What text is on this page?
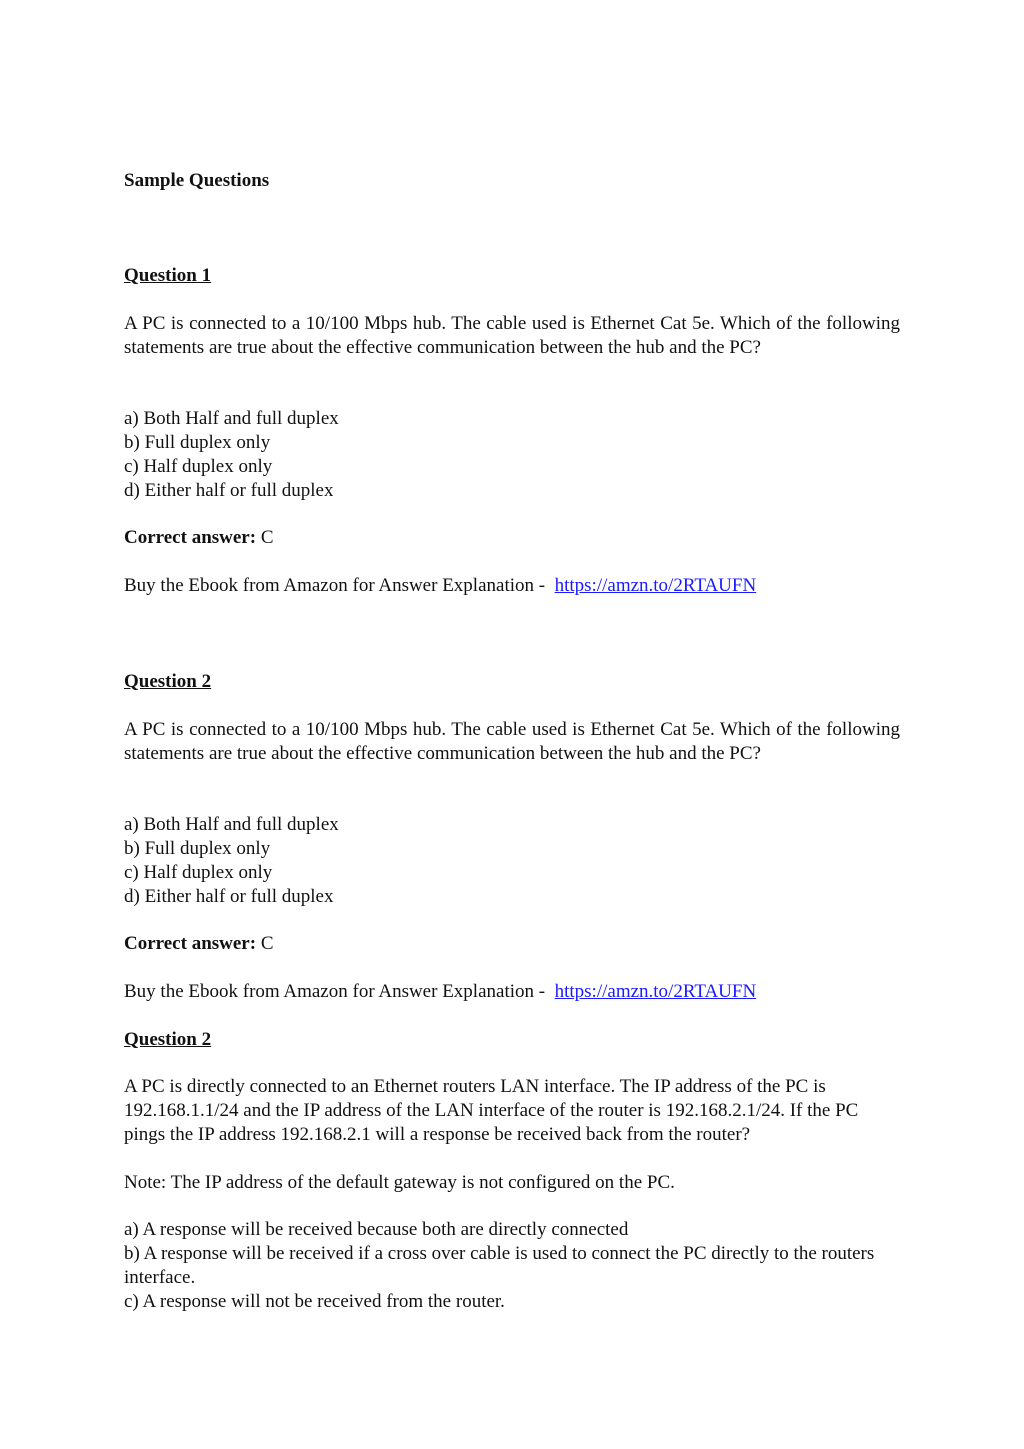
Sample Questions
Question 1

A PC is connected to a 10/100 Mbps hub. The cable used is Ethernet Cat 5e. Which of the following statements are true about the effective communication between the hub and the PC?

a) Both Half and full duplex
b) Full duplex only
c) Half duplex only
d) Either half or full duplex

Correct answer: C

Buy the Ebook from Amazon for Answer Explanation -  https://amzn.to/2RTAUFN

Question 2

A PC is connected to a 10/100 Mbps hub. The cable used is Ethernet Cat 5e. Which of the following statements are true about the effective communication between the hub and the PC?

a) Both Half and full duplex
b) Full duplex only
c) Half duplex only
d) Either half or full duplex

Correct answer: C

Buy the Ebook from Amazon for Answer Explanation -  https://amzn.to/2RTAUFN

Question 2

A PC is directly connected to an Ethernet routers LAN interface. The IP address of the PC is 192.168.1.1/24 and the IP address of the LAN interface of the router is 192.168.2.1/24. If the PC pings the IP address 192.168.2.1 will a response be received back from the router?

Note: The IP address of the default gateway is not configured on the PC.

a) A response will be received because both are directly connected
b) A response will be received if a cross over cable is used to connect the PC directly to the routers interface.
c) A response will not be received from the router.
